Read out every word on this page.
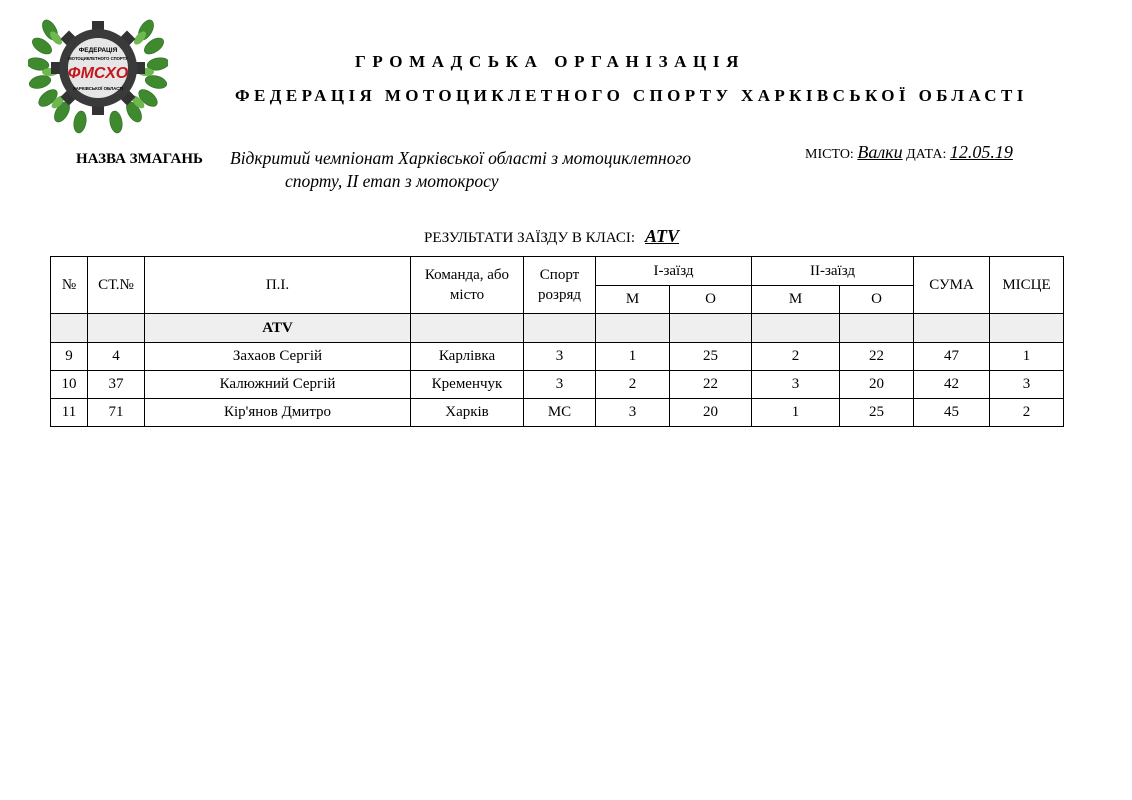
ФЕДЕРАЦІЯ
МОТОЦИКЛЕТНОГО СПОРТУ
ФМСХО
ХАРКІВСЬКОЇ ОБЛАСТІ
ГРОМАДСЬКА ОРГАНІЗАЦІЯ
ФЕДЕРАЦІЯ МОТОЦИКЛЕТНОГО СПОРТУ ХАРКІВСЬКОЇ ОБЛАСТІ
НАЗВА ЗМАГАНЬ Відкритий чемпіонат Харківської області з мотоциклетного
спорту, ІІ етап з мотокросу
МІСТО: Валки ДАТА: 12.05.19
РЕЗУЛЬТАТИ ЗАЇЗДУ В КЛАСІ: ATV
№	СТ.№	П.І.	Команда, або місто	Спорт розряд	І-заїзд		ІІ-заїзд		СУМА	МІСЦЕ
					М	О	М	О		
		ATV								
9	4	Захаов Сергій	Карлівка	3	1	25	2	22	47	1
10	37	Калюжний Сергій	Кременчук	3	2	22	3	20	42	3
11	71	Кір'янов Дмитро	Харків	МС	3	20	1	25	45	2
